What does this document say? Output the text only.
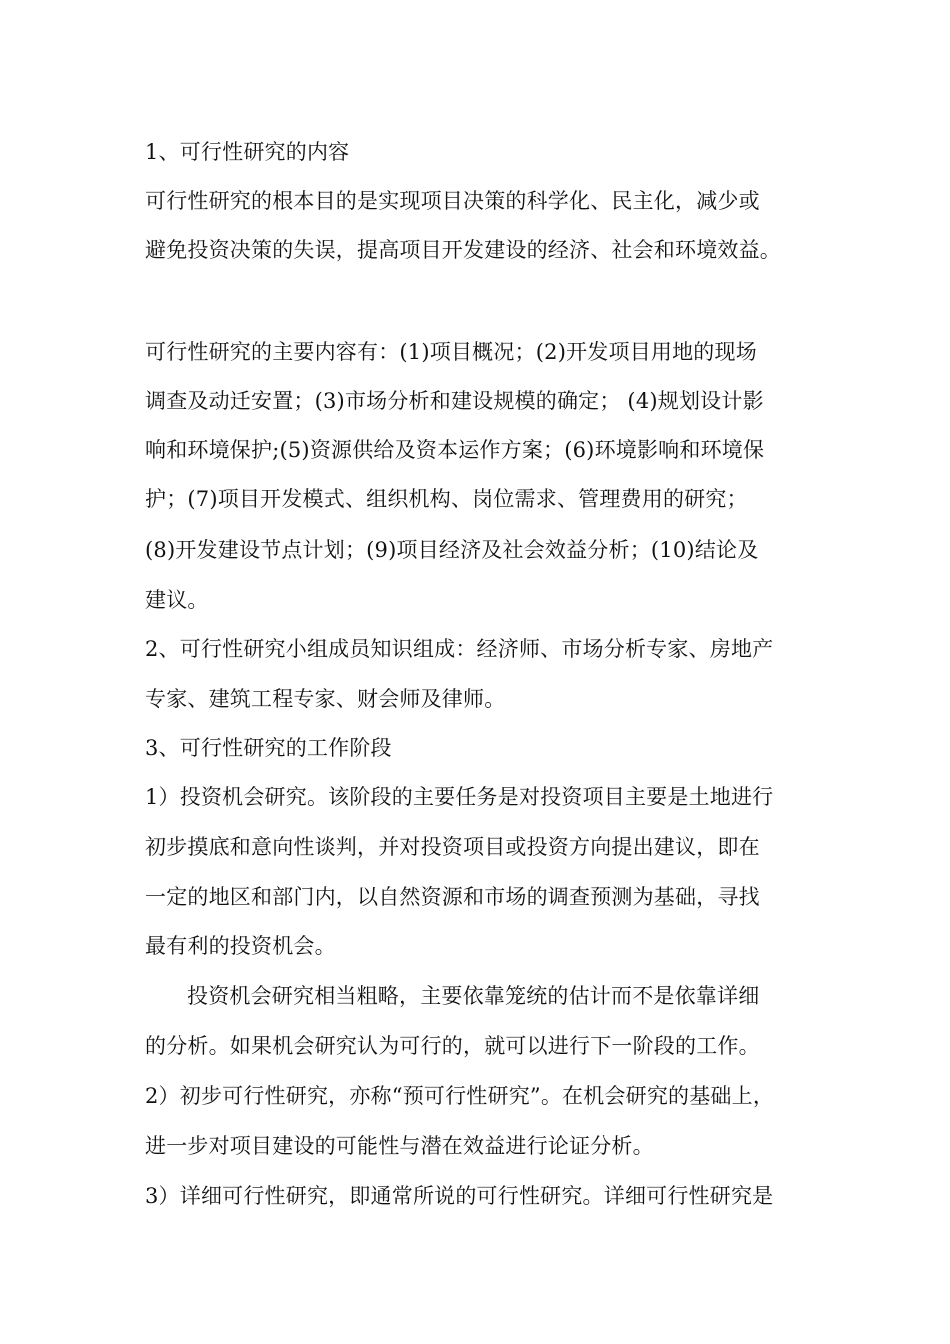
1、可行性研究的内容
可行性研究的根本目的是实现项目决策的科学化、民主化，减少或
避免投资决策的失误，提高项目开发建设的经济、社会和环境效益。
可行性研究的主要内容有：(1)项目概况；(2)开发项目用地的现场
调查及动迁安置；(3)市场分析和建设规模的确定； (4)规划设计影
响和环境保护;(5)资源供给及资本运作方案；(6)环境影响和环境保
护；(7)项目开发模式、组织机构、岗位需求、管理费用的研究；
(8)开发建设节点计划；(9)项目经济及社会效益分析；(10)结论及
建议。
2、可行性研究小组成员知识组成：经济师、市场分析专家、房地产
专家、建筑工程专家、财会师及律师。
3、可行性研究的工作阶段
1）投资机会研究。该阶段的主要任务是对投资项目主要是土地进行
初步摸底和意向性谈判，并对投资项目或投资方向提出建议，即在
一定的地区和部门内，以自然资源和市场的调查预测为基础，寻找
最有利的投资机会。
投资机会研究相当粗略，主要依靠笼统的估计而不是依靠详细
的分析。如果机会研究认为可行的，就可以进行下一阶段的工作。
2）初步可行性研究，亦称“预可行性研究”。在机会研究的基础上，
进一步对项目建设的可能性与潜在效益进行论证分析。
3）详细可行性研究，即通常所说的可行性研究。详细可行性研究是
